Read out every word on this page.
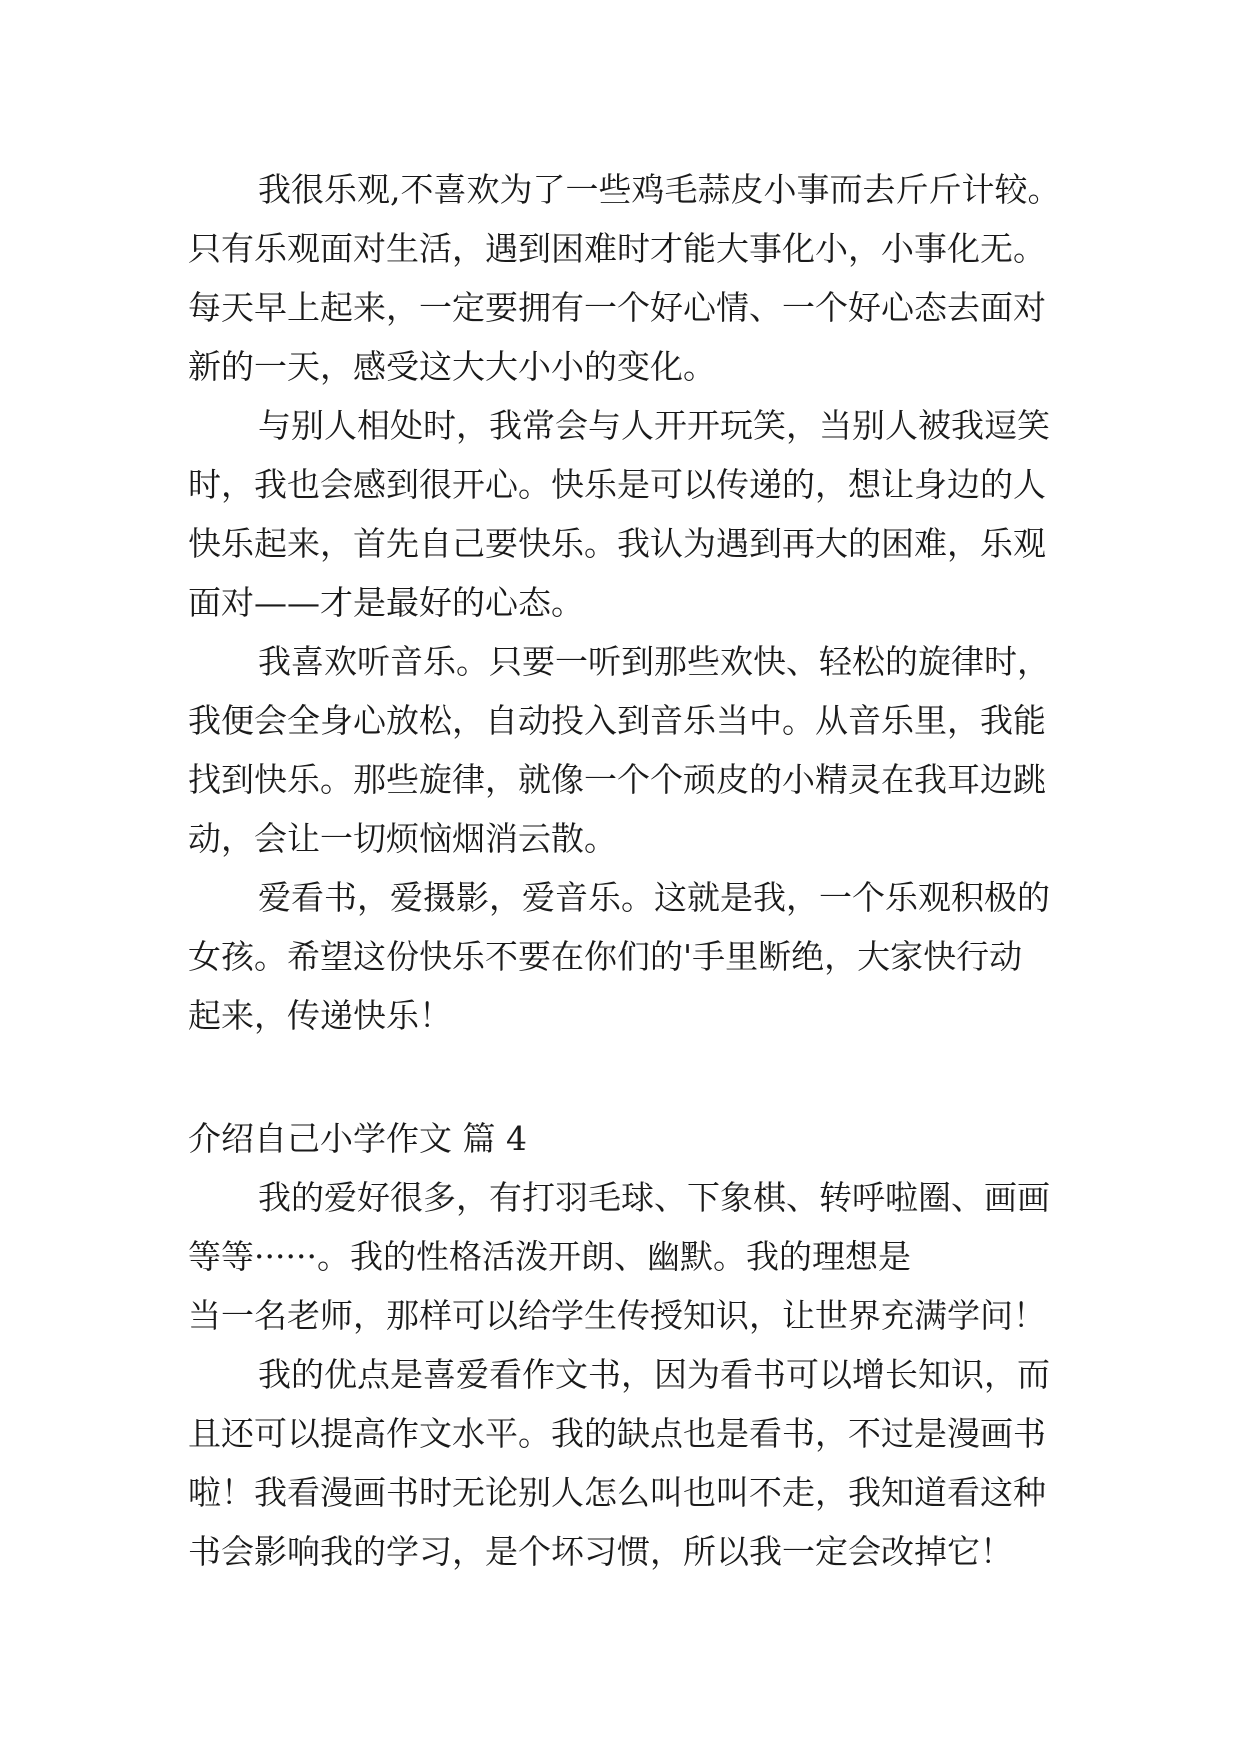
我很乐观,不喜欢为了一些鸡毛蒜皮小事而去斤斤计较。
只有乐观面对生活，遇到困难时才能大事化小，小事化无。
每天早上起来，一定要拥有一个好心情、一个好心态去面对
新的一天，感受这大大小小的变化。
与别人相处时，我常会与人开开玩笑，当别人被我逗笑
时，我也会感到很开心。快乐是可以传递的，想让身边的人
快乐起来，首先自己要快乐。我认为遇到再大的困难，乐观
面对——才是最好的心态。
我喜欢听音乐。只要一听到那些欢快、轻松的旋律时，
我便会全身心放松，自动投入到音乐当中。从音乐里，我能
找到快乐。那些旋律，就像一个个顽皮的小精灵在我耳边跳
动，会让一切烦恼烟消云散。
爱看书，爱摄影，爱音乐。这就是我，一个乐观积极的
女孩。希望这份快乐不要在你们的'手里断绝，大家快行动
起来，传递快乐！
介绍自己小学作文 篇 4
我的爱好很多，有打羽毛球、下象棋、转呼啦圈、画画
等等······。我的性格活泼开朗、幽默。我的理想是
当一名老师，那样可以给学生传授知识，让世界充满学问！
我的优点是喜爱看作文书，因为看书可以增长知识，而
且还可以提高作文水平。我的缺点也是看书，不过是漫画书
啦！我看漫画书时无论别人怎么叫也叫不走，我知道看这种
书会影响我的学习，是个坏习惯，所以我一定会改掉它！
